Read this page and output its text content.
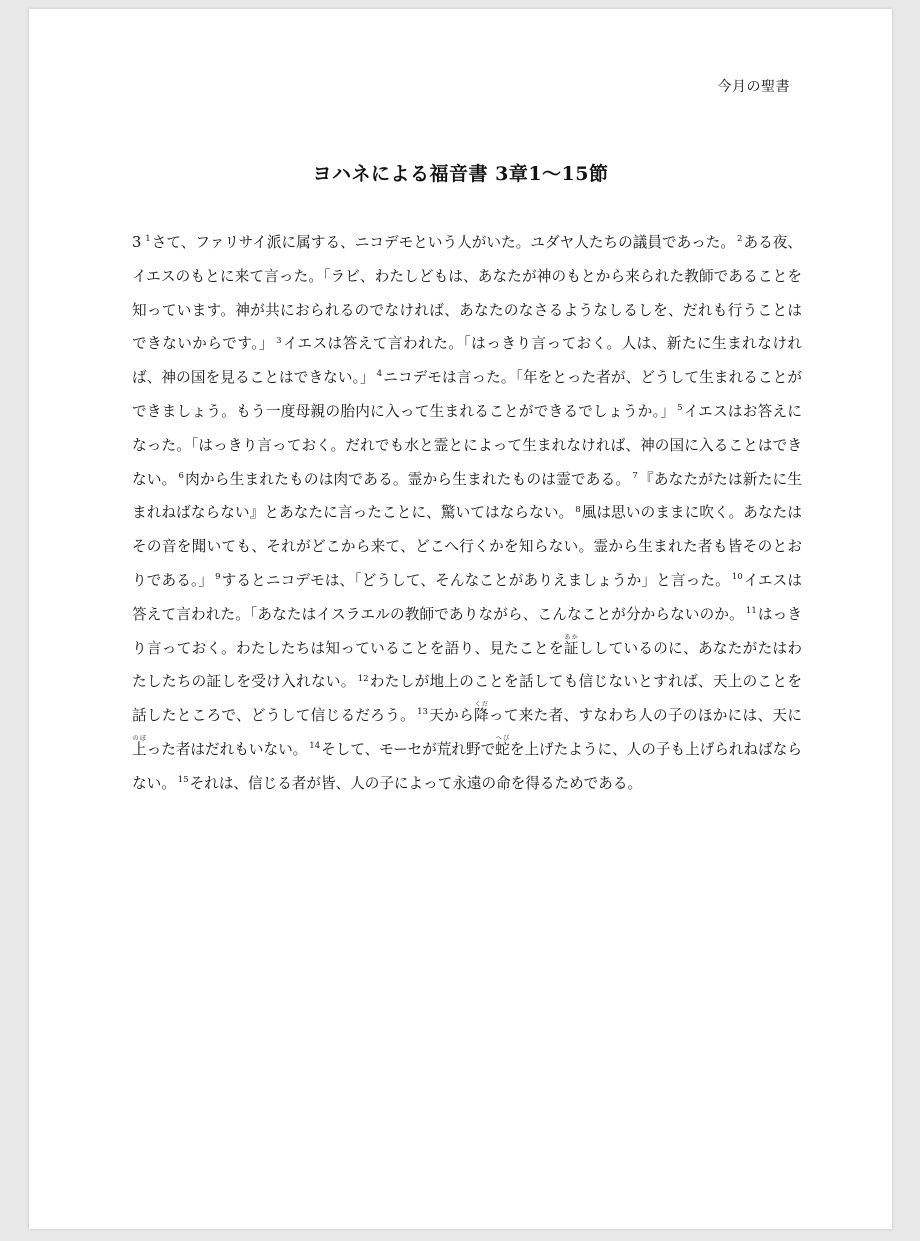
今月の聖書
ヨハネによる福音書 3章1～15節
3 $^1$さて、ファリサイ派に属する、ニコデモという人がいた。ユダヤ人たちの議員であった。 $^2$ある夜、イエスのもとに来て言った。「ラビ、わたしどもは、あなたが神のもとから来られた教師であることを知っています。神が共におられるのでなければ、あなたのなさるようなしるしを、だれも行うことはできないからです。」 $^3$イエスは答えて言われた。「はっきり言っておく。人は、新たに生まれなければ、神の国を見ることはできない。」 $^4$ニコデモは言った。「年をとった者が、どうして生まれることができましょう。もう一度母親の胎内に入って生まれることができるでしょうか。」 $^5$イエスはお答えになった。「はっきり言っておく。だれでも水と霊とによって生まれなければ、神の国に入ることはできない。 $^6$肉から生まれたものは肉である。霊から生まれたものは霊である。 $^7$『あなたがたは新たに生まれねばならない』とあなたに言ったことに、驚いてはならない。 $^8$風は思いのままに吹く。あなたはその音を聞いても、それがどこから来て、どこへ行くかを知らない。霊から生まれた者も皆そのとおりである。」 $^9$するとニコデモは、「どうして、そんなことがありえましょうか」と言った。 $^{10}$イエスは答えて言われた。「あなたはイスラエルの教師でありながら、こんなことが分からないのか。 $^{11}$はっきり言っておく。わたしたちは知っていることを語り、見たことを証あかししているのに、あなたがたはわたしたちの証しを受け入れない。 $^{12}$わたしが地上のことを話しても信じないとすれば、天上のことを話したところで、どうして信じるだろう。 $^{13}$天から降くだって来た者、すなわち人の子のほかには、天に上のぼった者はだれもいない。 $^{14}$そして、モーセが荒れ野で蛇へびを上げたように、人の子も上げられねばならない。 $^{15}$それは、信じる者が皆、人の子によって永遠の命を得るためである。
